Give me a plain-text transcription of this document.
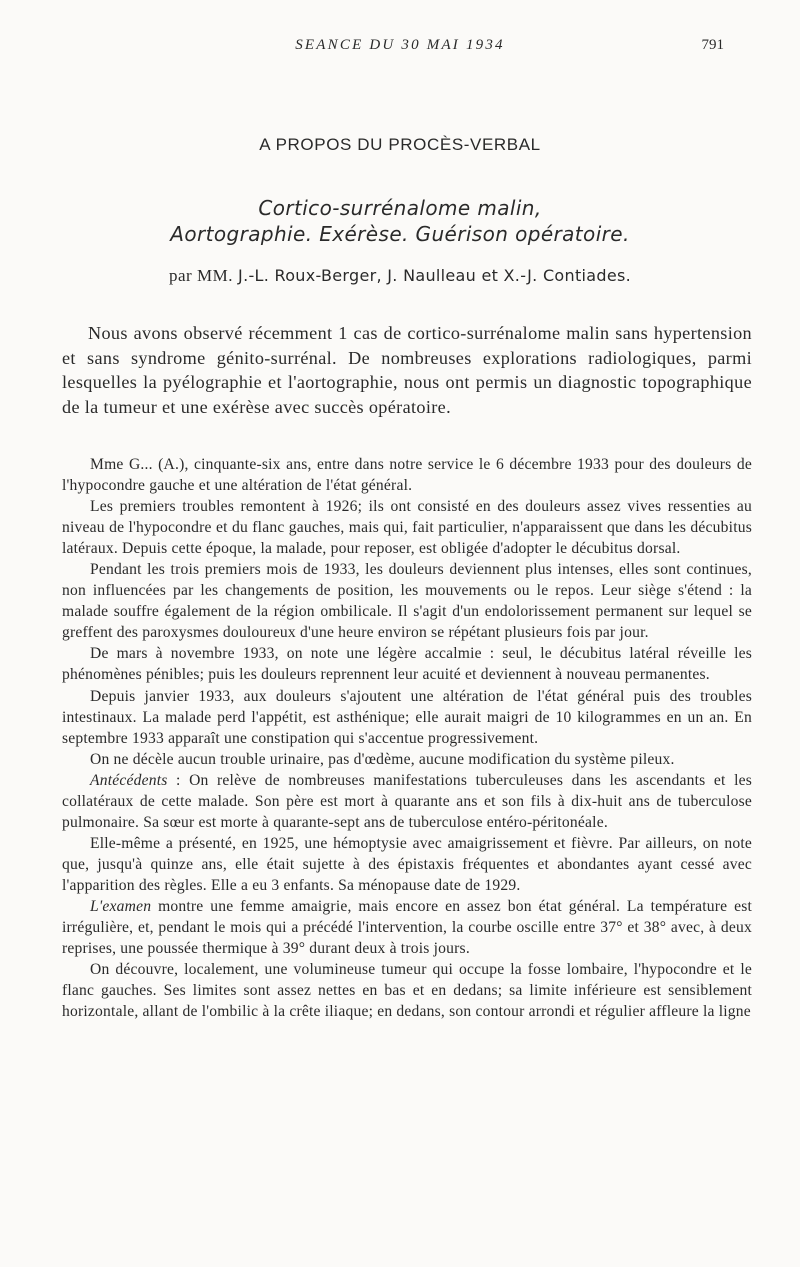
SEANCE DU 30 MAI 1934	791
A PROPOS DU PROCÈS-VERBAL
Cortico-surrénalome malin,
Aortographie. Exérèse. Guérison opératoire.
par MM. J.-L. Roux-Berger, J. Naulleau et X.-J. Contiades.

Nous avons observé récemment 1 cas de cortico-surrénalome malin sans hypertension et sans syndrome génito-surrénal. De nombreuses explorations radiologiques, parmi lesquelles la pyélographie et l'aortographie, nous ont permis un diagnostic topographique de la tumeur et une exérèse avec succès opératoire.

Mme G... (A.), cinquante-six ans, entre dans notre service le 6 décembre 1933 pour des douleurs de l'hypocondre gauche et une altération de l'état général.

Les premiers troubles remontent à 1926; ils ont consisté en des douleurs assez vives ressenties au niveau de l'hypocondre et du flanc gauches, mais qui, fait particulier, n'apparaissent que dans les décubitus latéraux. Depuis cette époque, la malade, pour reposer, est obligée d'adopter le décubitus dorsal.

Pendant les trois premiers mois de 1933, les douleurs deviennent plus intenses, elles sont continues, non influencées par les changements de position, les mouvements ou le repos. Leur siège s'étend : la malade souffre également de la région ombilicale. Il s'agit d'un endolorissement permanent sur lequel se greffent des paroxysmes douloureux d'une heure environ se répétant plusieurs fois par jour.

De mars à novembre 1933, on note une légère accalmie : seul, le décubitus latéral réveille les phénomènes pénibles; puis les douleurs reprennent leur acuité et deviennent à nouveau permanentes.

Depuis janvier 1933, aux douleurs s'ajoutent une altération de l'état général puis des troubles intestinaux. La malade perd l'appétit, est asthénique; elle aurait maigri de 10 kilogrammes en un an. En septembre 1933 apparaît une constipation qui s'accentue progressivement.

On ne décèle aucun trouble urinaire, pas d'œdème, aucune modification du système pileux.

Antécédents : On relève de nombreuses manifestations tuberculeuses dans les ascendants et les collatéraux de cette malade. Son père est mort à quarante ans et son fils à dix-huit ans de tuberculose pulmonaire. Sa sœur est morte à quarante-sept ans de tuberculose entéro-péritonéale.

Elle-même a présenté, en 1925, une hémoptysie avec amaigrissement et fièvre. Par ailleurs, on note que, jusqu'à quinze ans, elle était sujette à des épistaxis fréquentes et abondantes ayant cessé avec l'apparition des règles. Elle a eu 3 enfants. Sa ménopause date de 1929.

L'examen montre une femme amaigrie, mais encore en assez bon état général. La température est irrégulière, et, pendant le mois qui a précédé l'intervention, la courbe oscille entre 37° et 38° avec, à deux reprises, une poussée thermique à 39° durant deux à trois jours.

On découvre, localement, une volumineuse tumeur qui occupe la fosse lombaire, l'hypocondre et le flanc gauches. Ses limites sont assez nettes en bas et en dedans; sa limite inférieure est sensiblement horizontale, allant de l'ombilic à la crête iliaque; en dedans, son contour arrondi et régulier affleure la ligne
